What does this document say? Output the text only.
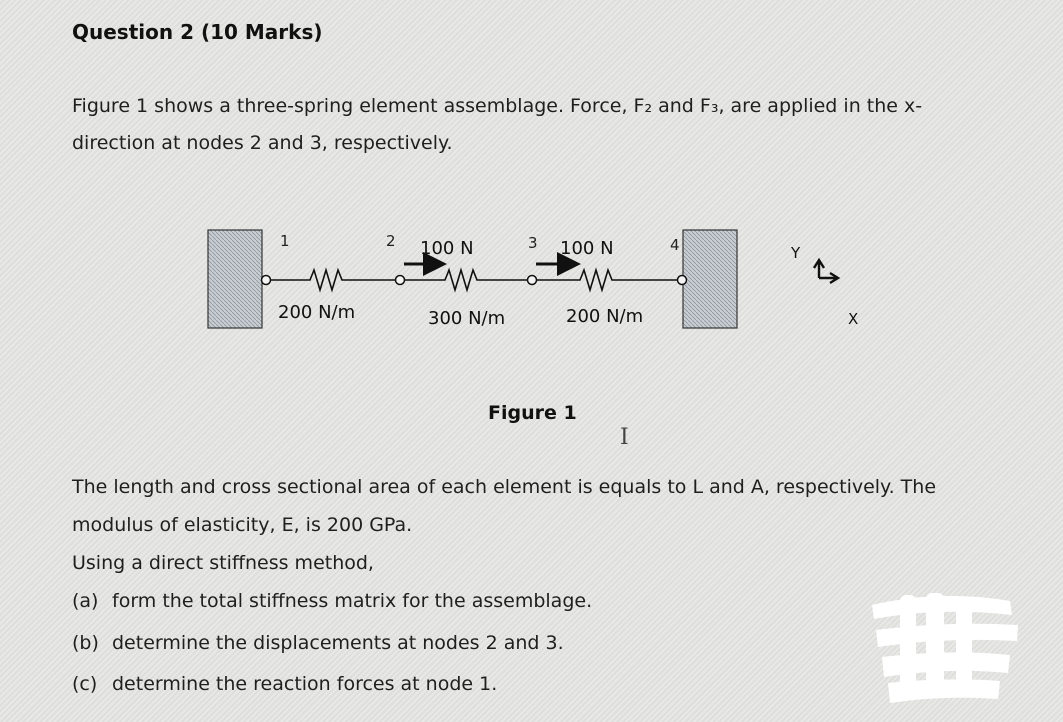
Question 2 (10 Marks)
Figure 1 shows a three-spring element assemblage. Force, F₂ and F₃, are applied in the x-
direction at nodes 2 and 3, respectively.
1	2	3	4
100 N	100 N
200 N/m	300 N/m	200 N/m
Y
X
Figure 1
I
The length and cross sectional area of each element is equals to L and A, respectively. The
modulus of elasticity, E, is 200 GPa.
Using a direct stiffness method,
(a) form the total stiffness matrix for the assemblage.
(b) determine the displacements at nodes 2 and 3.
(c) determine the reaction forces at node 1.
